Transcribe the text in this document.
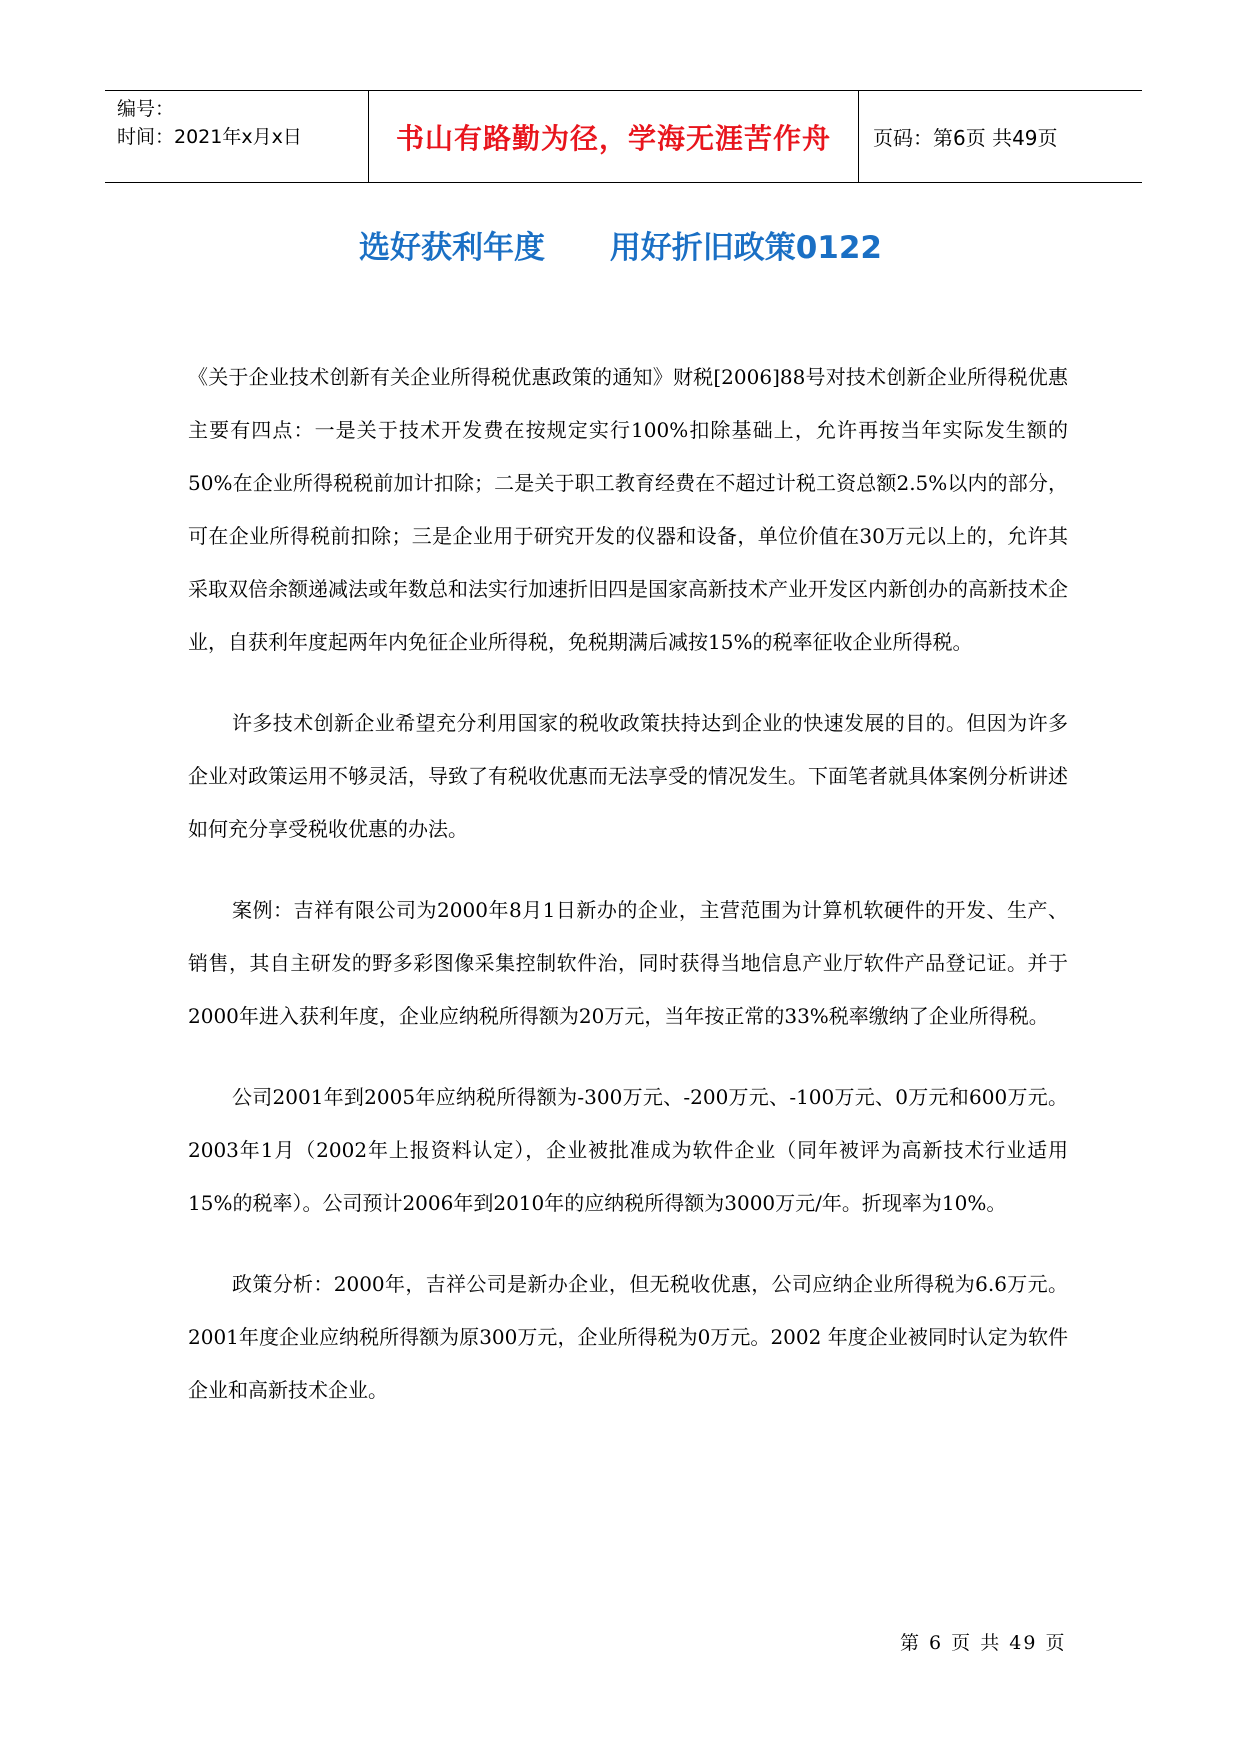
编号：
时间：2021年x月x日	书山有路勤为径，学海无涯苦作舟 页码：第6页 共49页
选好获利年度      用好折旧政策0122

《关于企业技术创新有关企业所得税优惠政策的通知》财税[2006]88号对技术创新企业所得税优惠主要有四点：一是关于技术开发费在按规定实行100%扣除基础上，允许再按当年实际发生额的50%在企业所得税税前加计扣除；二是关于职工教育经费在不超过计税工资总额2.5%以内的部分，可在企业所得税前扣除；三是企业用于研究开发的仪器和设备，单位价值在30万元以上的，允许其采取双倍余额递减法或年数总和法实行加速折旧四是国家高新技术产业开发区内新创办的高新技术企业，自获利年度起两年内免征企业所得税，免税期满后减按15%的税率征收企业所得税。

许多技术创新企业希望充分利用国家的税收政策扶持达到企业的快速发展的目的。但因为许多企业对政策运用不够灵活，导致了有税收优惠而无法享受的情况发生。下面笔者就具体案例分析讲述如何充分享受税收优惠的办法。

案例：吉祥有限公司为2000年8月1日新办的企业，主营范围为计算机软硬件的开发、生产、销售，其自主研发的野多彩图像采集控制软件治，同时获得当地信息产业厅软件产品登记证。并于2000年进入获利年度，企业应纳税所得额为20万元，当年按正常的33%税率缴纳了企业所得税。

公司2001年到2005年应纳税所得额为-300万元、-200万元、-100万元、0万元和600万元。2003年1月（2002年上报资料认定），企业被批准成为软件企业（同年被评为高新技术行业适用15%的税率）。公司预计2006年到2010年的应纳税所得额为3000万元/年。折现率为10%。

政策分析：2000年，吉祥公司是新办企业，但无税收优惠，公司应纳企业所得税为6.6万元。2001年度企业应纳税所得额为原300万元，企业所得税为0万元。2002 年度企业被同时认定为软件企业和高新技术企业。

第 6 页 共 49 页
